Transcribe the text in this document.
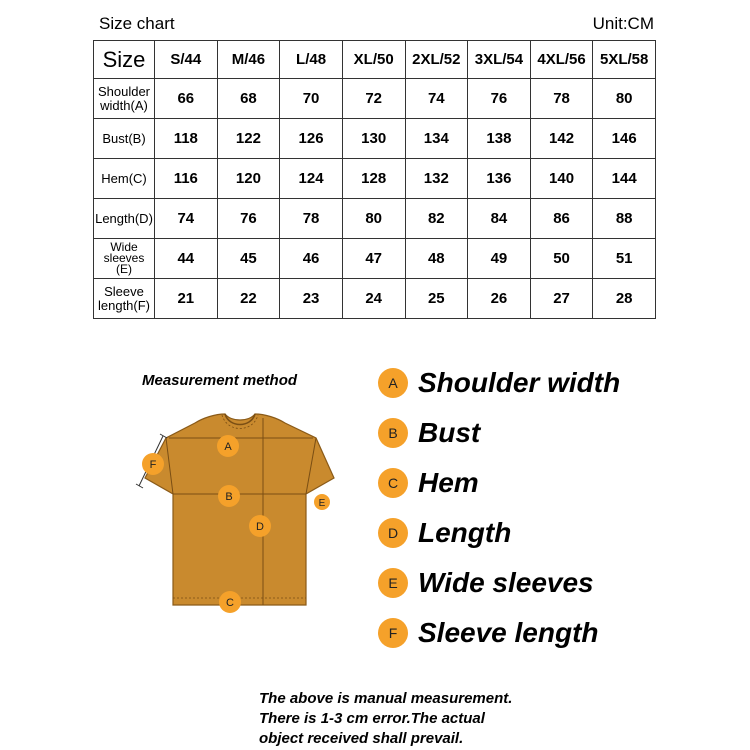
Size chart	Unit:CM
Size	S/44	M/46	L/48	XL/50	2XL/52	3XL/54	4XL/56	5XL/58
Shoulder
width(A)	66	68	70	72	74	76	78	80
Bust(B)	118	122	126	130	134	138	142	146
Hem(C)	116	120	124	128	132	136	140	144
Length(D)	74	76	78	80	82	84	86	88
Wide
sleeves
(E)	44	45	46	47	48	49	50	51
Sleeve
length(F)	21	22	23	24	25	26	27	28
Measurement method
A
B
C
D
E
F
A Shoulder width
B Bust
C Hem
D Length
E Wide sleeves
F Sleeve length
The above is manual measurement.
There is 1-3 cm error.The actual
object received shall prevail.
